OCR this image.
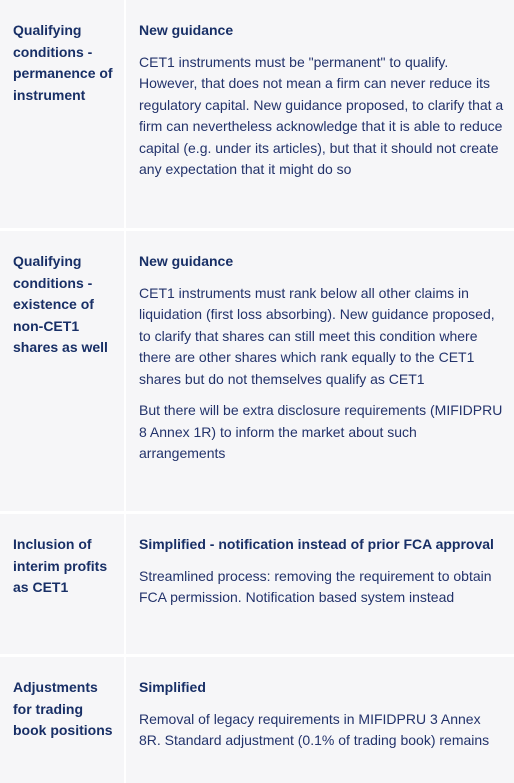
Qualifying conditions - permanence of instrument
New guidance
CET1 instruments must be "permanent" to qualify. However, that does not mean a firm can never reduce its regulatory capital. New guidance proposed, to clarify that a firm can nevertheless acknowledge that it is able to reduce capital (e.g. under its articles), but that it should not create any expectation that it might do so
Qualifying conditions - existence of non-CET1 shares as well
New guidance
CET1 instruments must rank below all other claims in liquidation (first loss absorbing). New guidance proposed, to clarify that shares can still meet this condition where there are other shares which rank equally to the CET1 shares but do not themselves qualify as CET1
But there will be extra disclosure requirements (MIFIDPRU 8 Annex 1R) to inform the market about such arrangements
Inclusion of interim profits as CET1
Simplified - notification instead of prior FCA approval
Streamlined process: removing the requirement to obtain FCA permission. Notification based system instead
Adjustments for trading book positions
Simplified
Removal of legacy requirements in MIFIDPRU 3 Annex 8R. Standard adjustment (0.1% of trading book) remains
